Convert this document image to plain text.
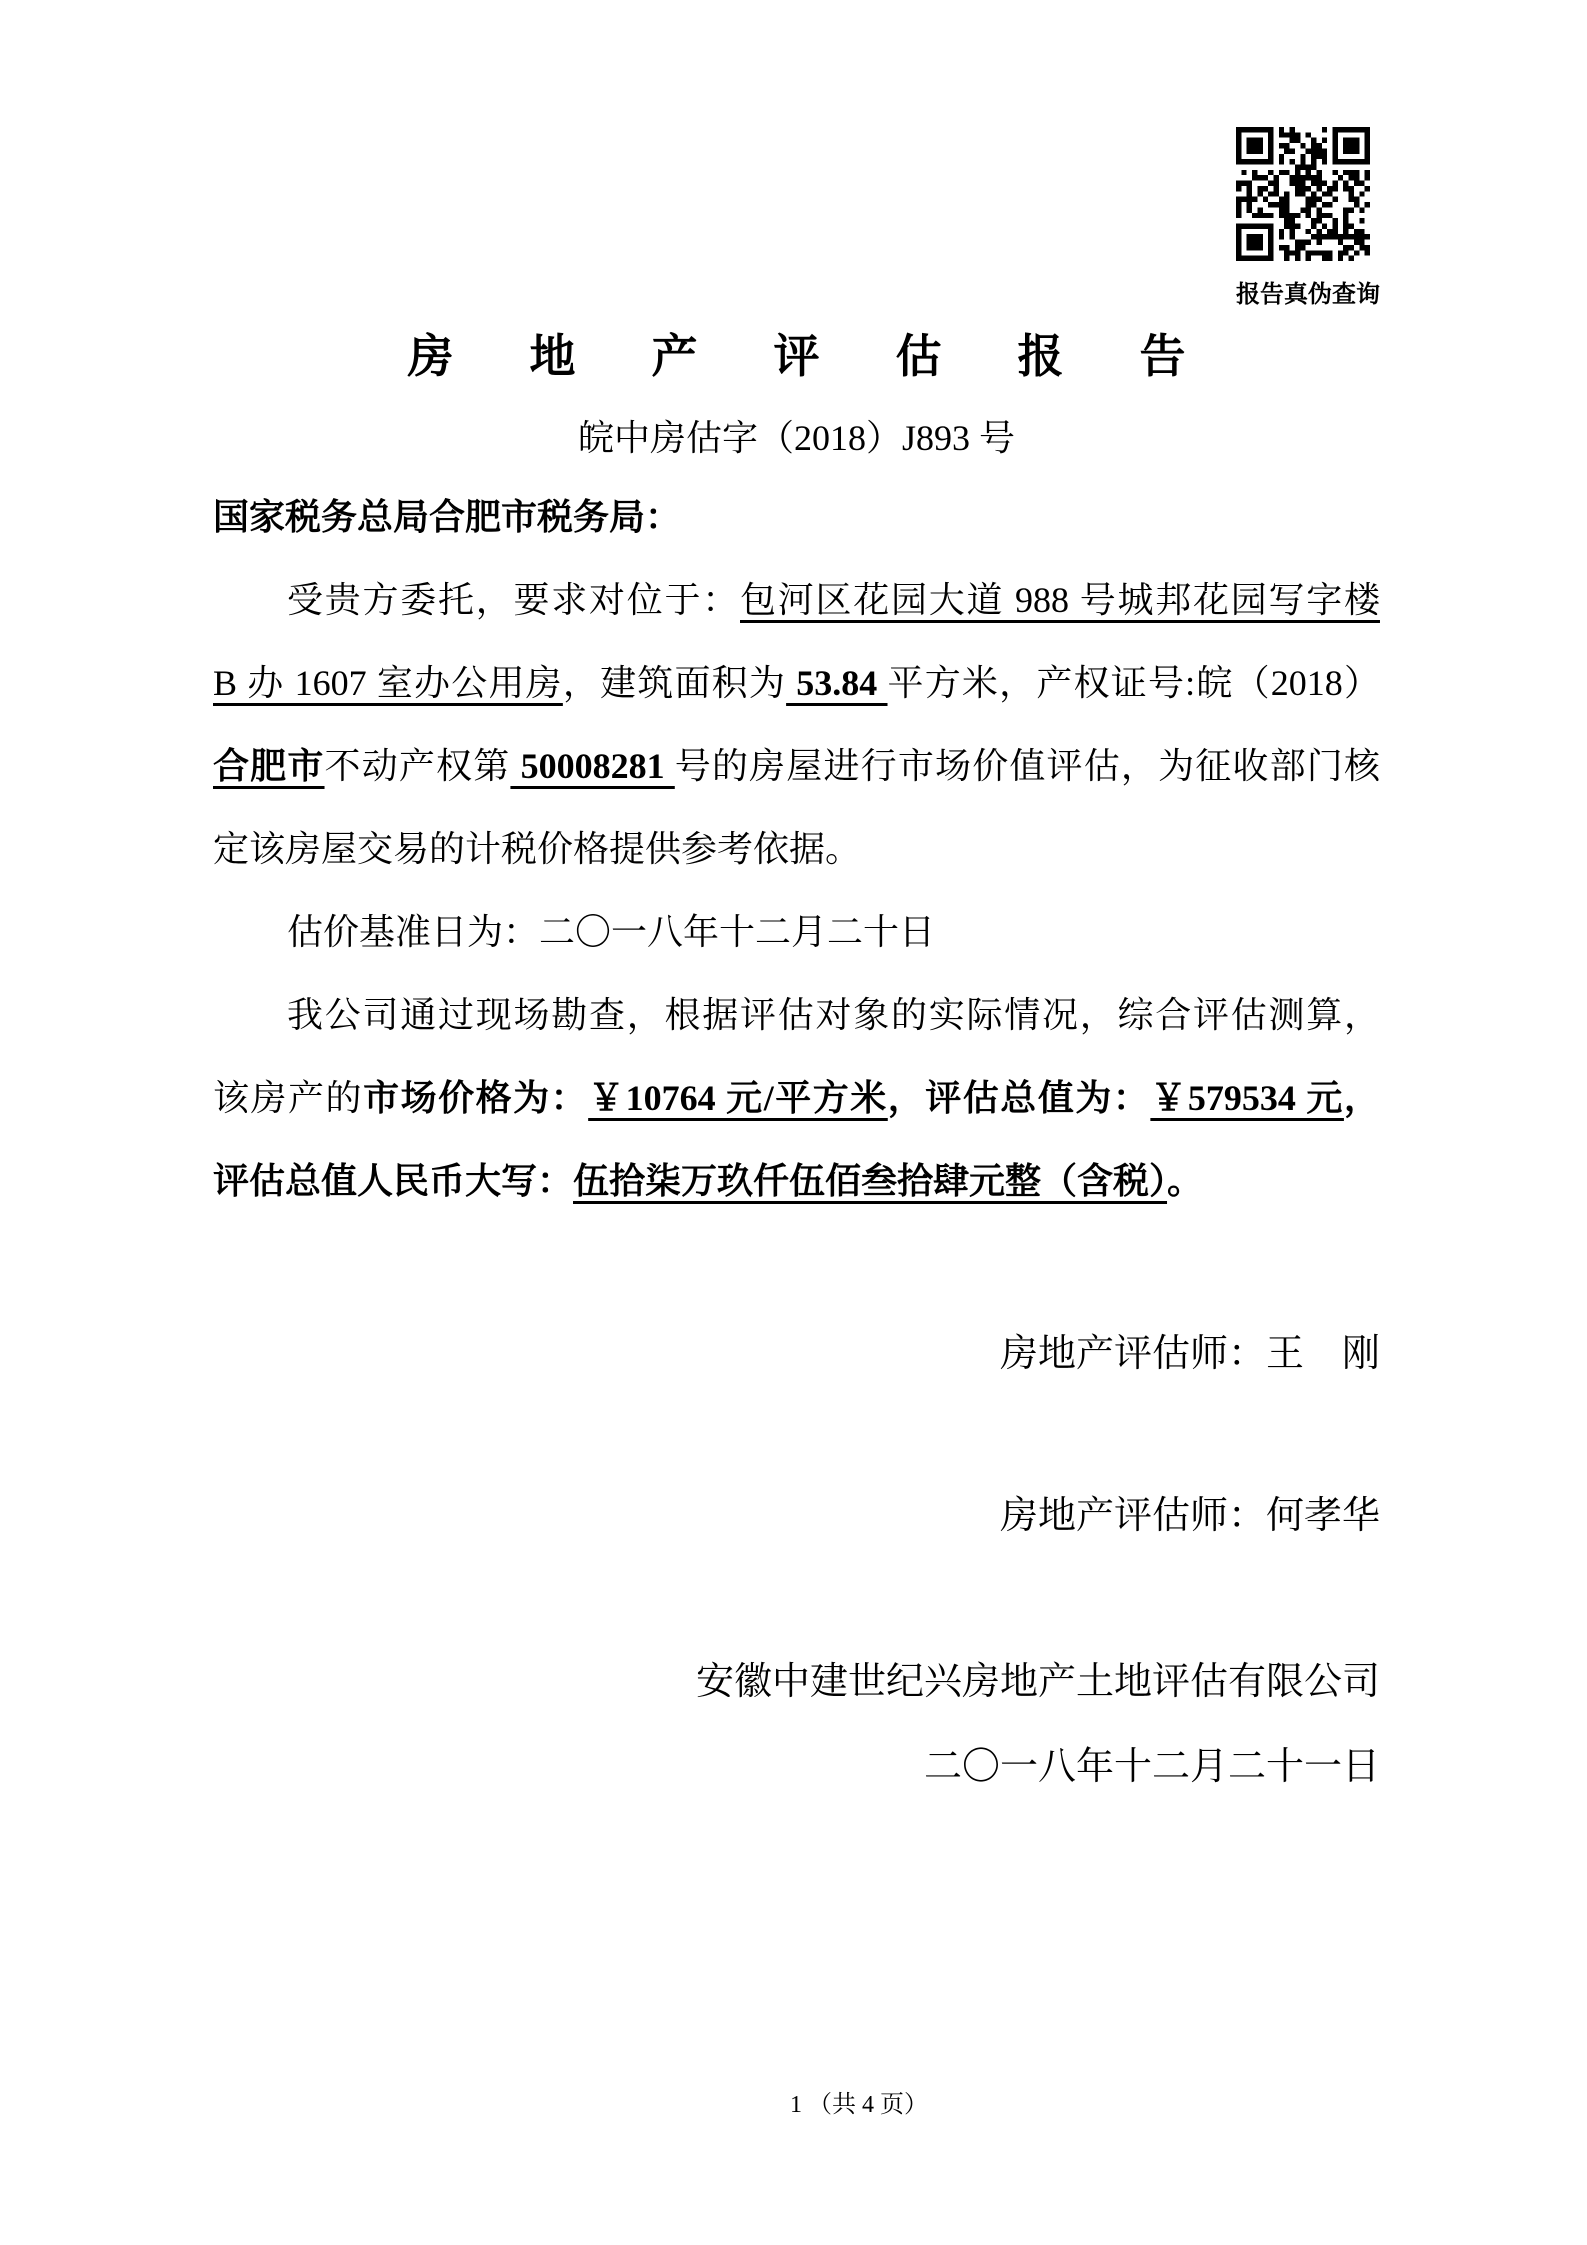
报告真伪查询
房地产评估报告
皖中房估字（2018）J893 号
国家税务总局合肥市税务局：
受贵方委托，要求对位于：包河区花园大道 988 号城邦花园写字楼
B 办 1607 室办公用房，建筑面积为 53.84 平方米，产权证号:皖（2018）
合肥市不动产权第 50008281 号的房屋进行市场价值评估，为征收部门核
定该房屋交易的计税价格提供参考依据。
估价基准日为：二〇一八年十二月二十日
我公司通过现场勘查，根据评估对象的实际情况，综合评估测算，
该房产的市场价格为：￥10764 元/平方米，评估总值为：￥579534 元，
评估总值人民币大写：伍拾柒万玖仟伍佰叁拾肆元整（含税）。
房地产评估师：王　刚
房地产评估师：何孝华
安徽中建世纪兴房地产土地评估有限公司
二〇一八年十二月二十一日
1 （共 4 页）
